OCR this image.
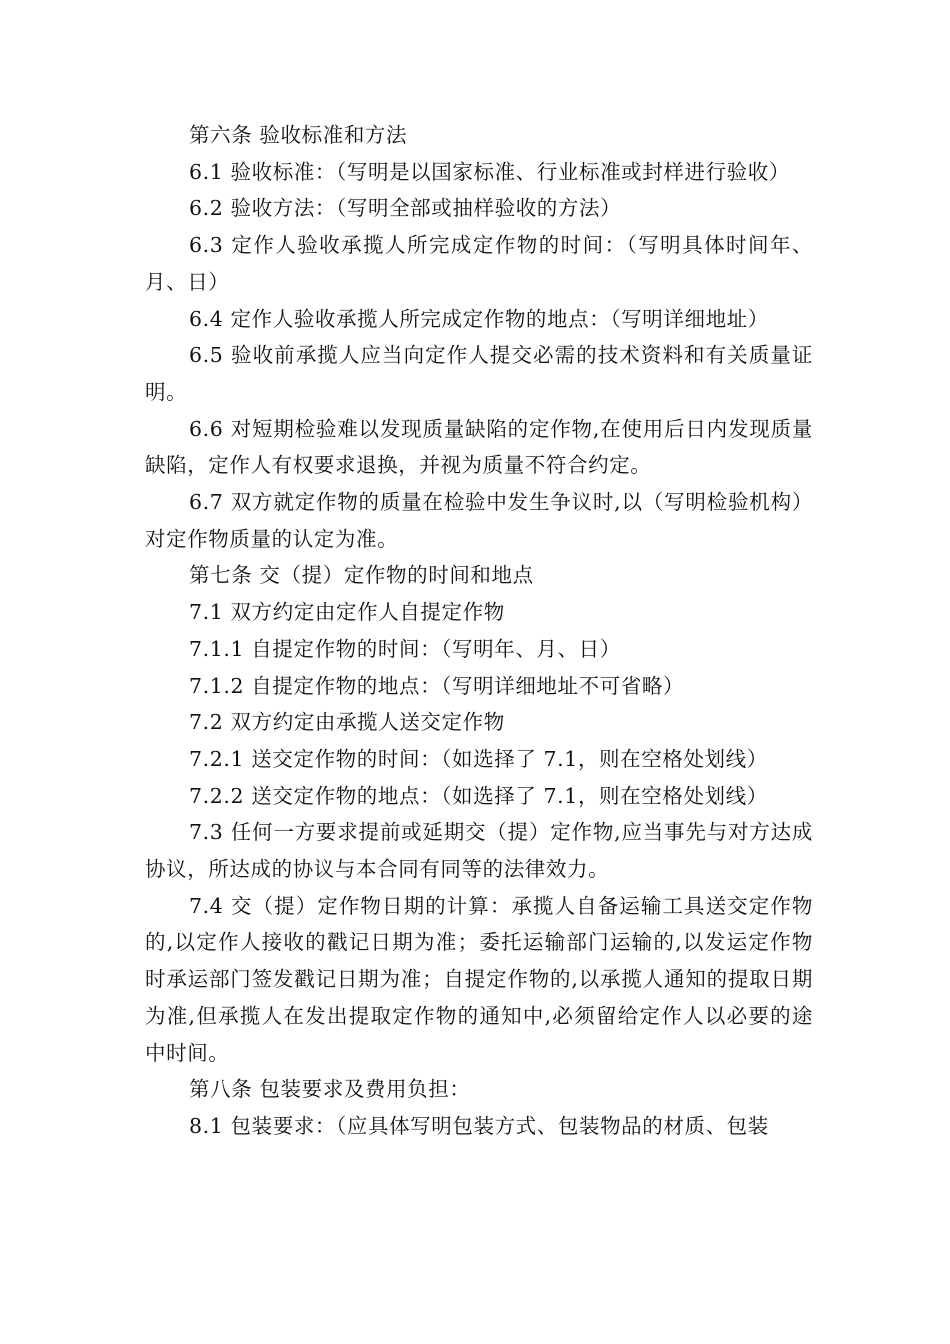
第六条 验收标准和方法

6.1 验收标准：（写明是以国家标准、行业标准或封样进行验收）

6.2 验收方法：（写明全部或抽样验收的方法）

6.3 定作人验收承揽人所完成定作物的时间：（写明具体时间年、月、日）

6.4 定作人验收承揽人所完成定作物的地点：（写明详细地址）

6.5 验收前承揽人应当向定作人提交必需的技术资料和有关质量证明。

6.6 对短期检验难以发现质量缺陷的定作物,在使用后日内发现质量缺陷，定作人有权要求退换，并视为质量不符合约定。

6.7 双方就定作物的质量在检验中发生争议时,以（写明检验机构）对定作物质量的认定为准。

第七条 交（提）定作物的时间和地点

7.1 双方约定由定作人自提定作物

7.1.1 自提定作物的时间：（写明年、月、日）

7.1.2 自提定作物的地点：（写明详细地址不可省略）

7.2 双方约定由承揽人送交定作物

7.2.1 送交定作物的时间：（如选择了 7.1，则在空格处划线）

7.2.2 送交定作物的地点：（如选择了 7.1，则在空格处划线）

7.3 任何一方要求提前或延期交（提）定作物,应当事先与对方达成协议，所达成的协议与本合同有同等的法律效力。

7.4 交（提）定作物日期的计算：承揽人自备运输工具送交定作物的,以定作人接收的戳记日期为准；委托运输部门运输的,以发运定作物时承运部门签发戳记日期为准；自提定作物的,以承揽人通知的提取日期为准,但承揽人在发出提取定作物的通知中,必须留给定作人以必要的途中时间。

第八条 包装要求及费用负担：

8.1 包装要求：（应具体写明包装方式、包装物品的材质、包装
